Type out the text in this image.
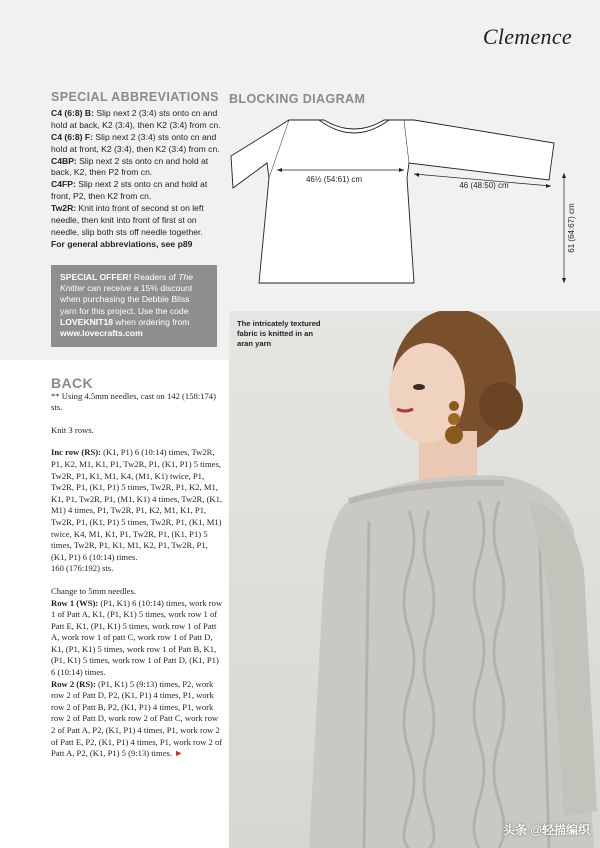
Clemence
SPECIAL ABBREVIATIONS

C4 (6:8) B: Slip next 2 (3:4) sts onto cn and hold at back, K2 (3:4), then K2 (3:4) from cn.

C4 (6:8) F: Slip next 2 (3:4) sts onto cn and hold at front, K2 (3:4), then K2 (3:4) from cn.

C4BP: Slip next 2 sts onto cn and hold at back, K2, then P2 from cn.

C4FP: Slip next 2 sts onto cn and hold at front, P2, then K2 from cn.

Tw2R: Knit into front of second st on left needle, then knit into front of first st on needle, slip both sts off needle together.

For general abbreviations, see p89

SPECIAL OFFER! Readers of The Knitter can receive a 15% discount when purchasing the Debbie Bliss yarn for this project. Use the code LOVEKNIT18 when ordering from www.lovecrafts.com
BLOCKING DIAGRAM
46½ (54:61) cm
46 (48:50) cm
61 (64:67) cm
The intricately textured fabric is knitted in an aran yarn
BACK

** Using 4.5mm needles, cast on 142 (158:174) sts.

Knit 3 rows.

Inc row (RS): (K1, P1) 6 (10:14) times, Tw2R, P1, K2, M1, K1, P1, Tw2R, P1, (K1, P1) 5 times, Tw2R, P1, K1, M1, K4, (M1, K1) twice, P1, Tw2R, P1, (K1, P1) 5 times, Tw2R, P1, K2, M1, K1, P1, Tw2R, P1, (M1, K1) 4 times, Tw2R, (K1, M1) 4 times, P1, Tw2R, P1, K2, M1, K1, P1, Tw2R, P1, (K1, P1) 5 times, Tw2R, P1, (K1, M1) twice, K4, M1, K1, P1, Tw2R, P1, (K1, P1) 5 times, Tw2R, P1, K1, M1, K2, P1, Tw2R, P1, (K1, P1) 6 (10:14) times.
160 (176:192) sts.

Change to 5mm needles.
Row 1 (WS): (P1, K1) 6 (10:14) times, work row 1 of Patt A, K1, (P1, K1) 5 times, work row 1 of Patt E, K1, (P1, K1) 5 times, work row 1 of Patt A, work row 1 of patt C, work row 1 of Patt D, K1, (P1, K1) 5 times, work row 1 of Patt B, K1, (P1, K1) 5 times, work row 1 of Patt D, (K1, P1) 6 (10:14) times.
Row 2 (RS): (P1, K1) 5 (9:13) times, P2, work row 2 of Patt D, P2, (K1, P1) 4 times, P1, work row 2 of Patt B, P2, (K1, P1) 4 times, P1, work row 2 of Patt D, work row 2 of Patt C, work row 2 of Patt A, P2, (K1, P1) 4 times, P1, work row 2 of Patt E, P2, (K1, P1) 4 times, P1, work row 2 of Patt A, P2, (K1, P1) 5 (9:13) times. ►

头条 @轻描编织
